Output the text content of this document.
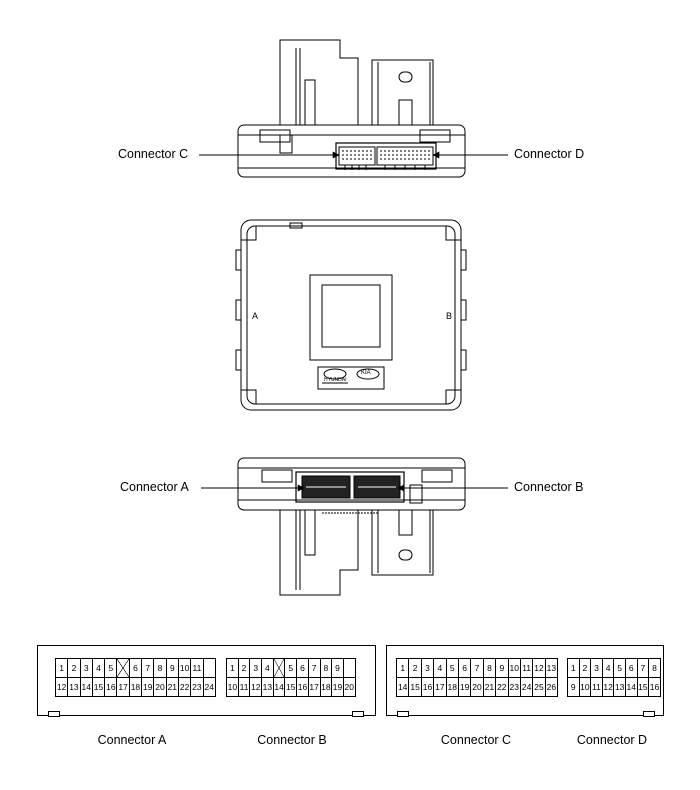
A	B
HYUNDAI
KIA
Connector C	Connector D
Connector A	Connector B
1 2 3 4 5	6 7 8 9 10 11
12 13 14 15 16 17 18 19 20 21 22 23 24
1 2 3 4	5 6 7 8 9
10 11 12 13 14 15 16 17 18 19 20
1 2 3 4 5 6 7 8 9 10 11 12 13
14 15 16 17 18 19 20 21 22 23 24 25 26
1 2 3 4 5 6 7 8
9 10 11 12 13 14 15 16
Connector A	Connector B	Connector C	Connector D
